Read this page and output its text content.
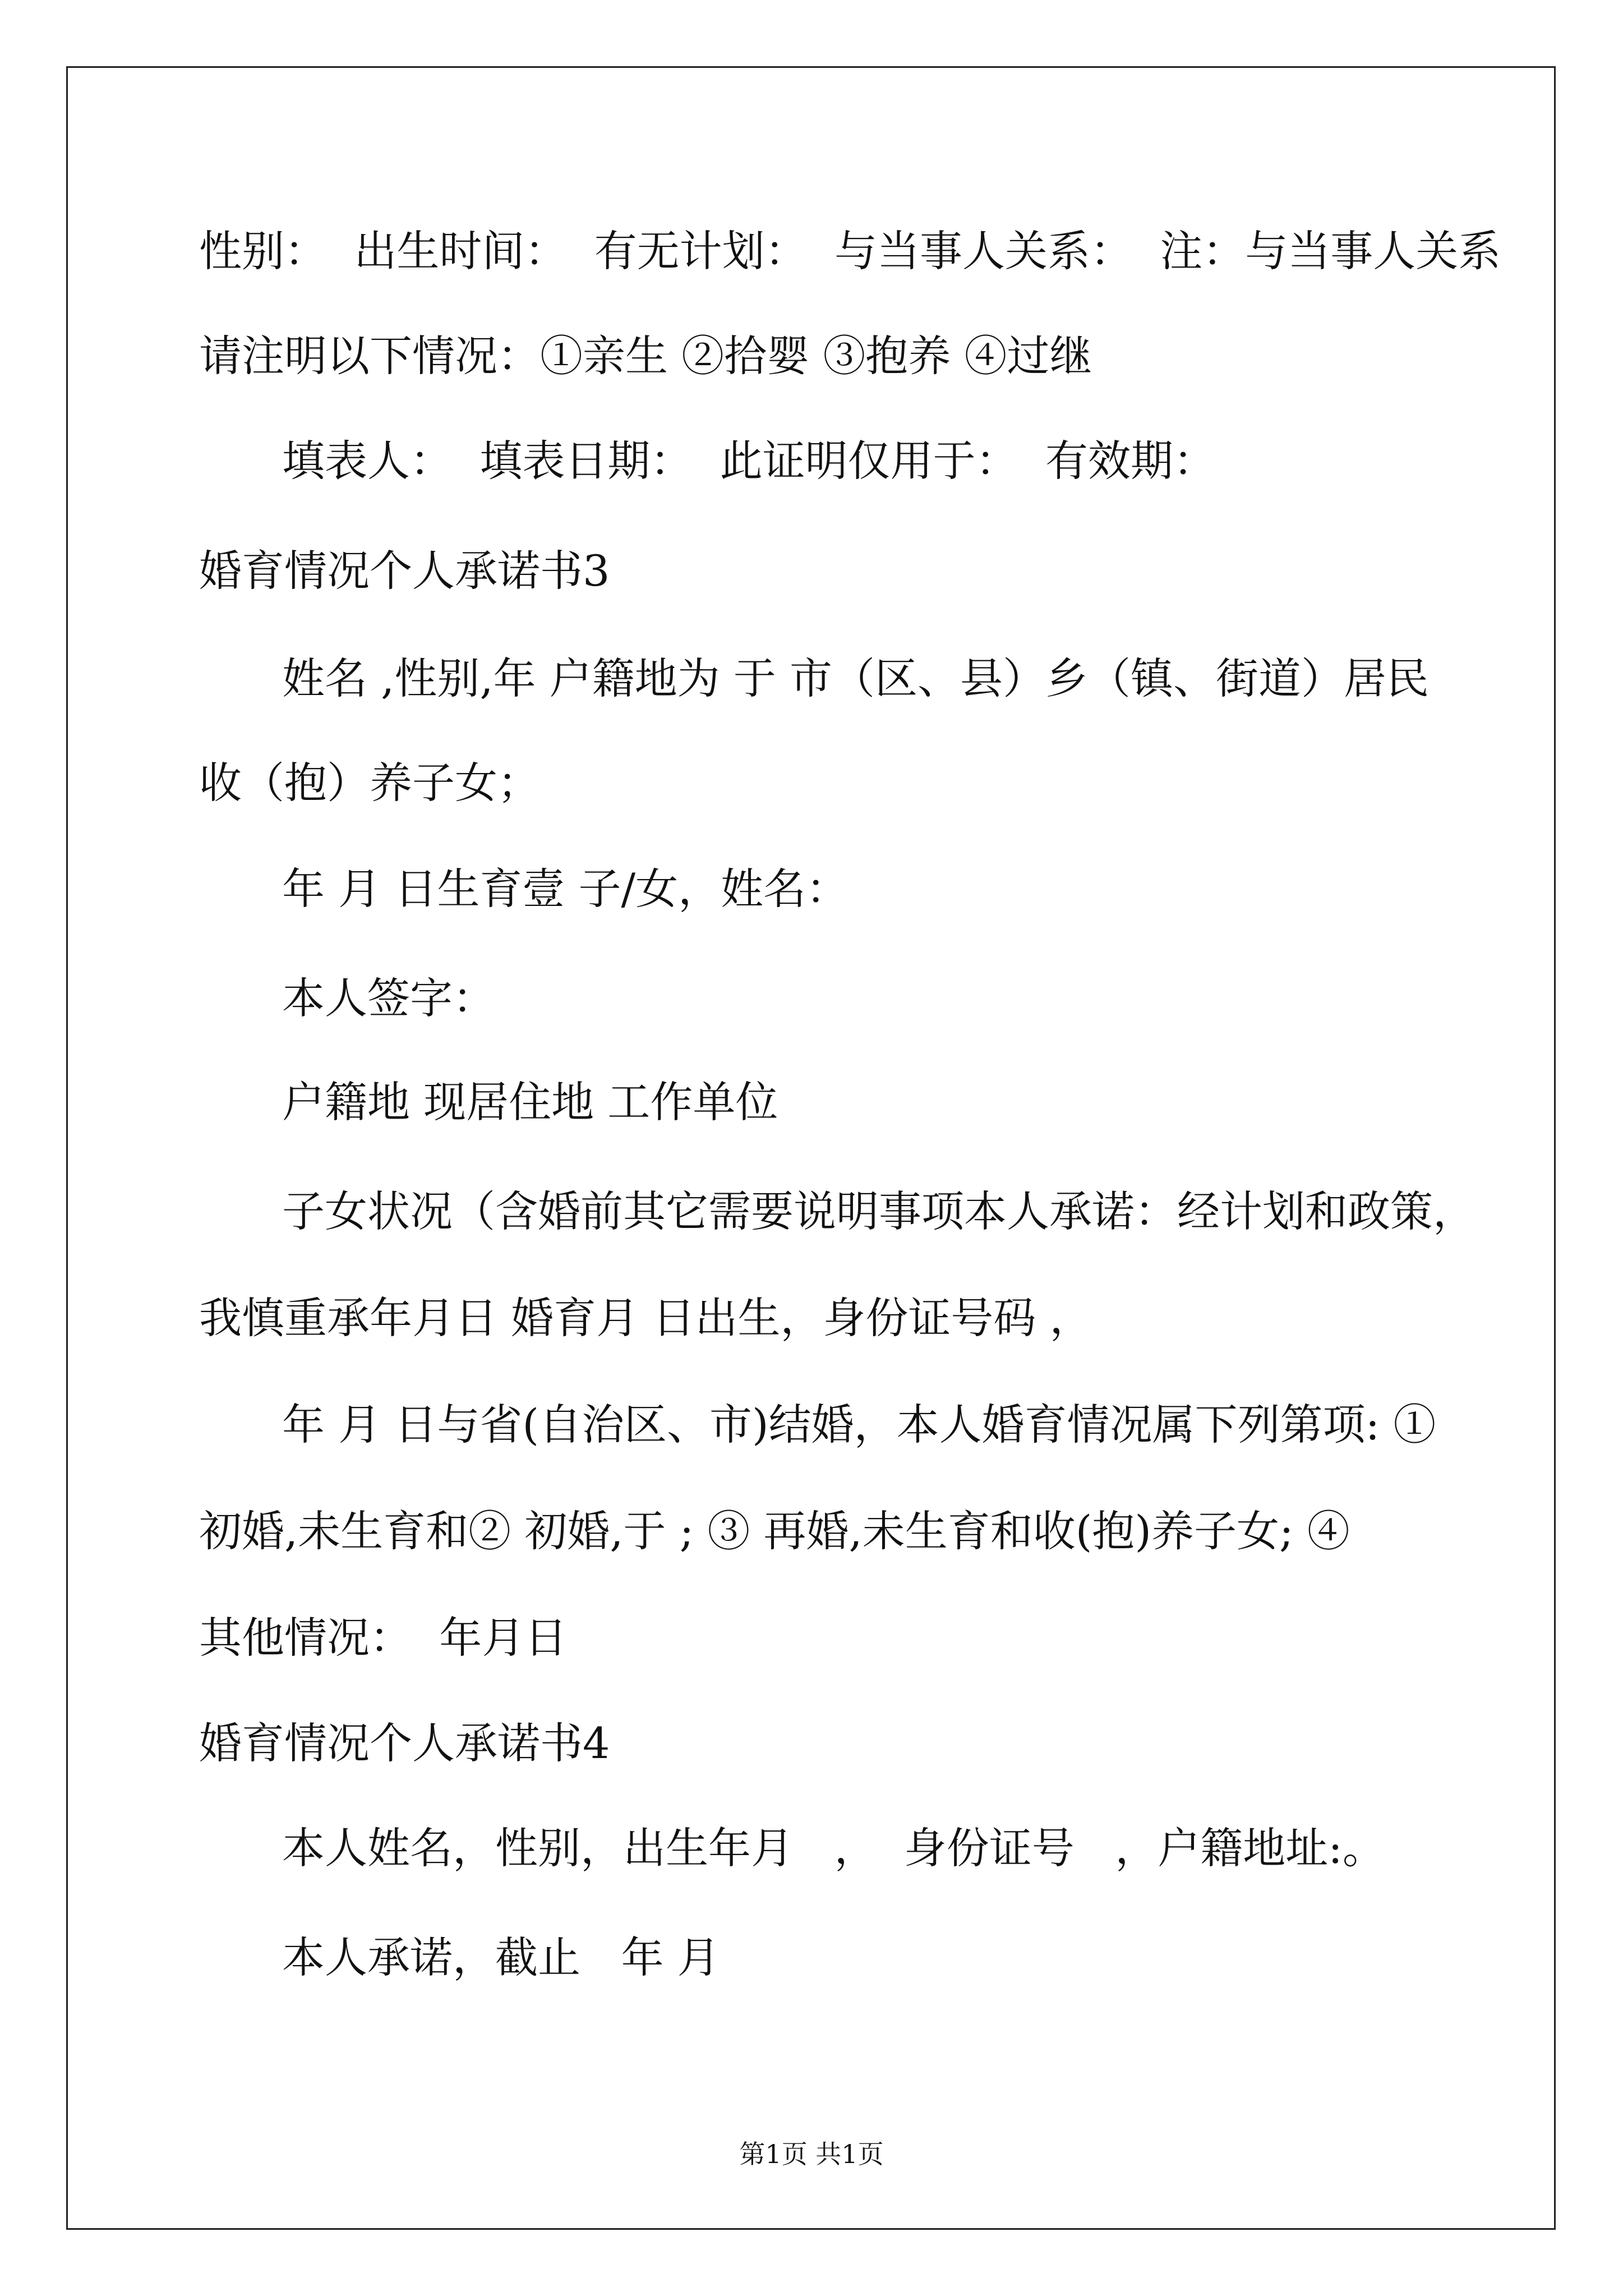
性别：  出生时间：  有无计划：  与当事人关系：  注：与当事人关系
请注明以下情况：①亲生 ②拾婴 ③抱养 ④过继
填表人：  填表日期：  此证明仅用于：  有效期：
婚育情况个人承诺书3
姓名 ,性别,年 户籍地为 于 市（区、县）乡（镇、街道）居民
收（抱）养子女；
年 月 日生育壹 子/女，姓名：
本人签字：
户籍地 现居住地 工作单位
子女状况（含婚前其它需要说明事项本人承诺：经计划和政策，
我慎重承年月日 婚育月 日出生，身份证号码 ，
年 月 日与省(自治区、市)结婚，本人婚育情况属下列第项: ①
初婚,未生育和② 初婚,于 ; ③ 再婚,未生育和收(抱)养子女; ④
其他情况：  年月日
婚育情况个人承诺书4
本人姓名，性别，出生年月   ，  身份证号   ，户籍地址:。
本人承诺，截止   年 月
第1页 共1页
